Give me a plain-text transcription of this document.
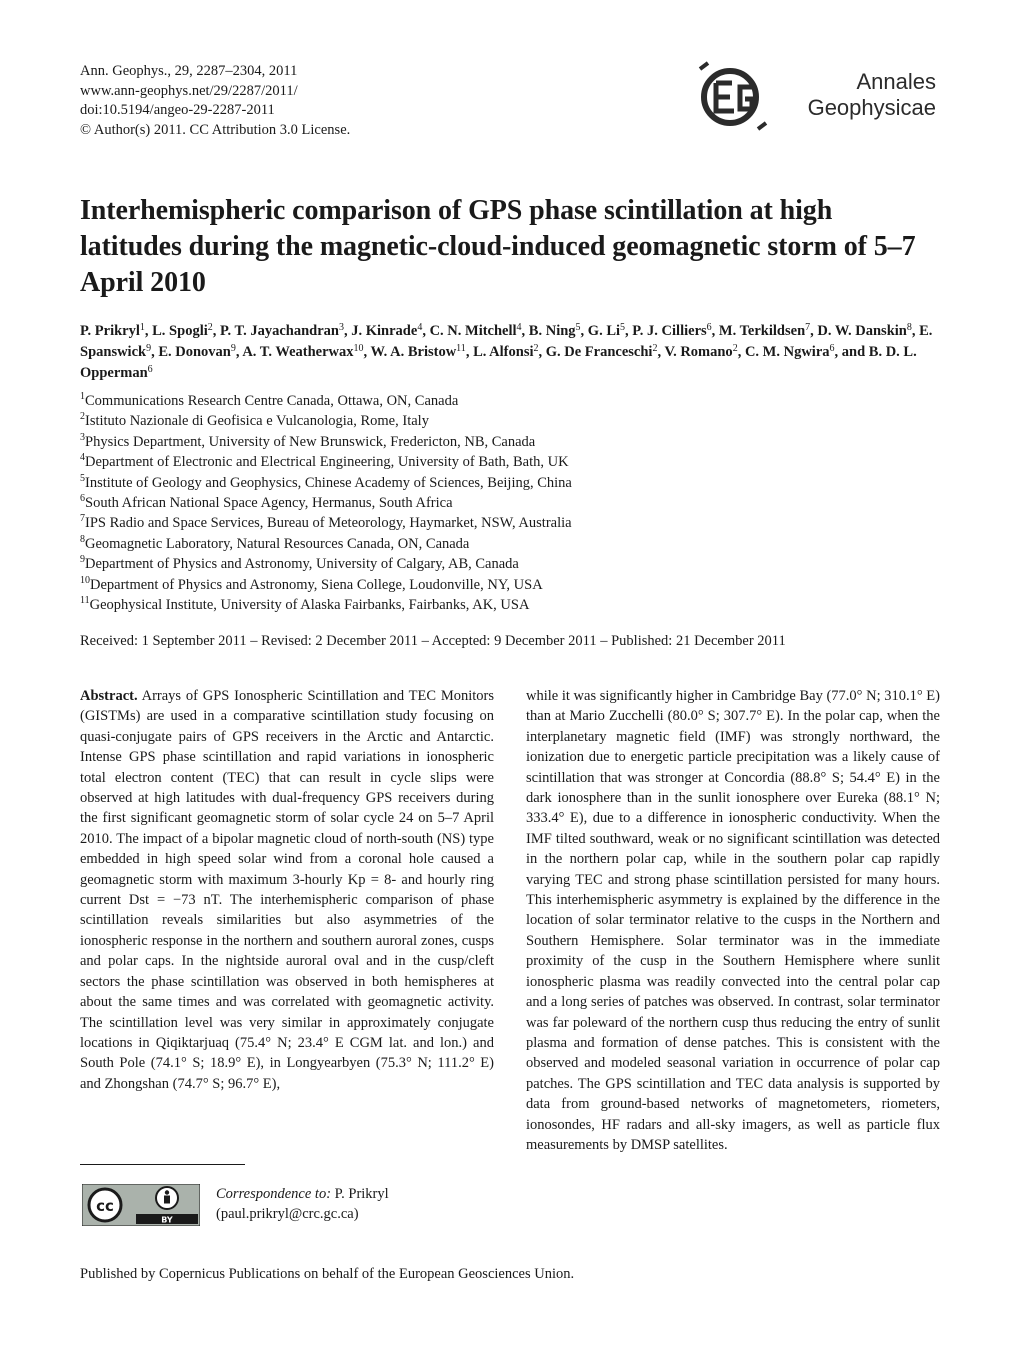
Ann. Geophys., 29, 2287–2304, 2011
www.ann-geophys.net/29/2287/2011/
doi:10.5194/angeo-29-2287-2011
© Author(s) 2011. CC Attribution 3.0 License.
Annales
Geophysicae
Interhemispheric comparison of GPS phase scintillation at high latitudes during the magnetic-cloud-induced geomagnetic storm of 5–7 April 2010
P. Prikryl$^1$, L. Spogli$^2$, P. T. Jayachandran$^3$, J. Kinrade$^4$, C. N. Mitchell$^4$, B. Ning$^5$, G. Li$^5$, P. J. Cilliers$^6$, M. Terkildsen$^7$, D. W. Danskin$^8$, E. Spanswick$^9$, E. Donovan$^9$, A. T. Weatherwax$^{10}$, W. A. Bristow$^{11}$, L. Alfonsi$^2$, G. De Franceschi$^2$, V. Romano$^2$, C. M. Ngwira$^6$, and B. D. L. Opperman$^6$
$^1$Communications Research Centre Canada, Ottawa, ON, Canada
$^2$Istituto Nazionale di Geofisica e Vulcanologia, Rome, Italy
$^3$Physics Department, University of New Brunswick, Fredericton, NB, Canada
$^4$Department of Electronic and Electrical Engineering, University of Bath, Bath, UK
$^5$Institute of Geology and Geophysics, Chinese Academy of Sciences, Beijing, China
$^6$South African National Space Agency, Hermanus, South Africa
$^7$IPS Radio and Space Services, Bureau of Meteorology, Haymarket, NSW, Australia
$^8$Geomagnetic Laboratory, Natural Resources Canada, ON, Canada
$^9$Department of Physics and Astronomy, University of Calgary, AB, Canada
$^{10}$Department of Physics and Astronomy, Siena College, Loudonville, NY, USA
$^{11}$Geophysical Institute, University of Alaska Fairbanks, Fairbanks, AK, USA
Received: 1 September 2011 – Revised: 2 December 2011 – Accepted: 9 December 2011 – Published: 21 December 2011

Abstract. Arrays of GPS Ionospheric Scintillation and TEC Monitors (GISTMs) are used in a comparative scintillation study focusing on quasi-conjugate pairs of GPS receivers in the Arctic and Antarctic. Intense GPS phase scintillation and rapid variations in ionospheric total electron content (TEC) that can result in cycle slips were observed at high latitudes with dual-frequency GPS receivers during the first significant geomagnetic storm of solar cycle 24 on 5–7 April 2010. The impact of a bipolar magnetic cloud of north-south (NS) type embedded in high speed solar wind from a coronal hole caused a geomagnetic storm with maximum 3-hourly Kp = 8- and hourly ring current Dst = −73 nT. The interhemispheric comparison of phase scintillation reveals similarities but also asymmetries of the ionospheric response in the northern and southern auroral zones, cusps and polar caps. In the nightside auroral oval and in the cusp/cleft sectors the phase scintillation was observed in both hemispheres at about the same times and was correlated with geomagnetic activity. The scintillation level was very similar in approximately conjugate locations in Qiqiktarjuaq (75.4° N; 23.4° E CGM lat. and lon.) and South Pole (74.1° S; 18.9° E), in Longyearbyen (75.3° N; 111.2° E) and Zhongshan (74.7° S; 96.7° E),

while it was significantly higher in Cambridge Bay (77.0° N; 310.1° E) than at Mario Zucchelli (80.0° S; 307.7° E). In the polar cap, when the interplanetary magnetic field (IMF) was strongly northward, the ionization due to energetic particle precipitation was a likely cause of scintillation that was stronger at Concordia (88.8° S; 54.4° E) in the dark ionosphere than in the sunlit ionosphere over Eureka (88.1° N; 333.4° E), due to a difference in ionospheric conductivity. When the IMF tilted southward, weak or no significant scintillation was detected in the northern polar cap, while in the southern polar cap rapidly varying TEC and strong phase scintillation persisted for many hours. This interhemispheric asymmetry is explained by the difference in the location of solar terminator relative to the cusps in the Northern and Southern Hemisphere. Solar terminator was in the immediate proximity of the cusp in the Southern Hemisphere where sunlit ionospheric plasma was readily convected into the central polar cap and a long series of patches was observed. In contrast, solar terminator was far poleward of the northern cusp thus reducing the entry of sunlit plasma and formation of dense patches. This is consistent with the observed and modeled seasonal variation in occurrence of polar cap patches. The GPS scintillation and TEC data analysis is supported by data from ground-based networks of magnetometers, riometers, ionosondes, HF radars and all-sky imagers, as well as particle flux measurements by DMSP satellites.

cc
BY
Correspondence to: P. Prikryl
(paul.prikryl@crc.gc.ca)
Published by Copernicus Publications on behalf of the European Geosciences Union.
